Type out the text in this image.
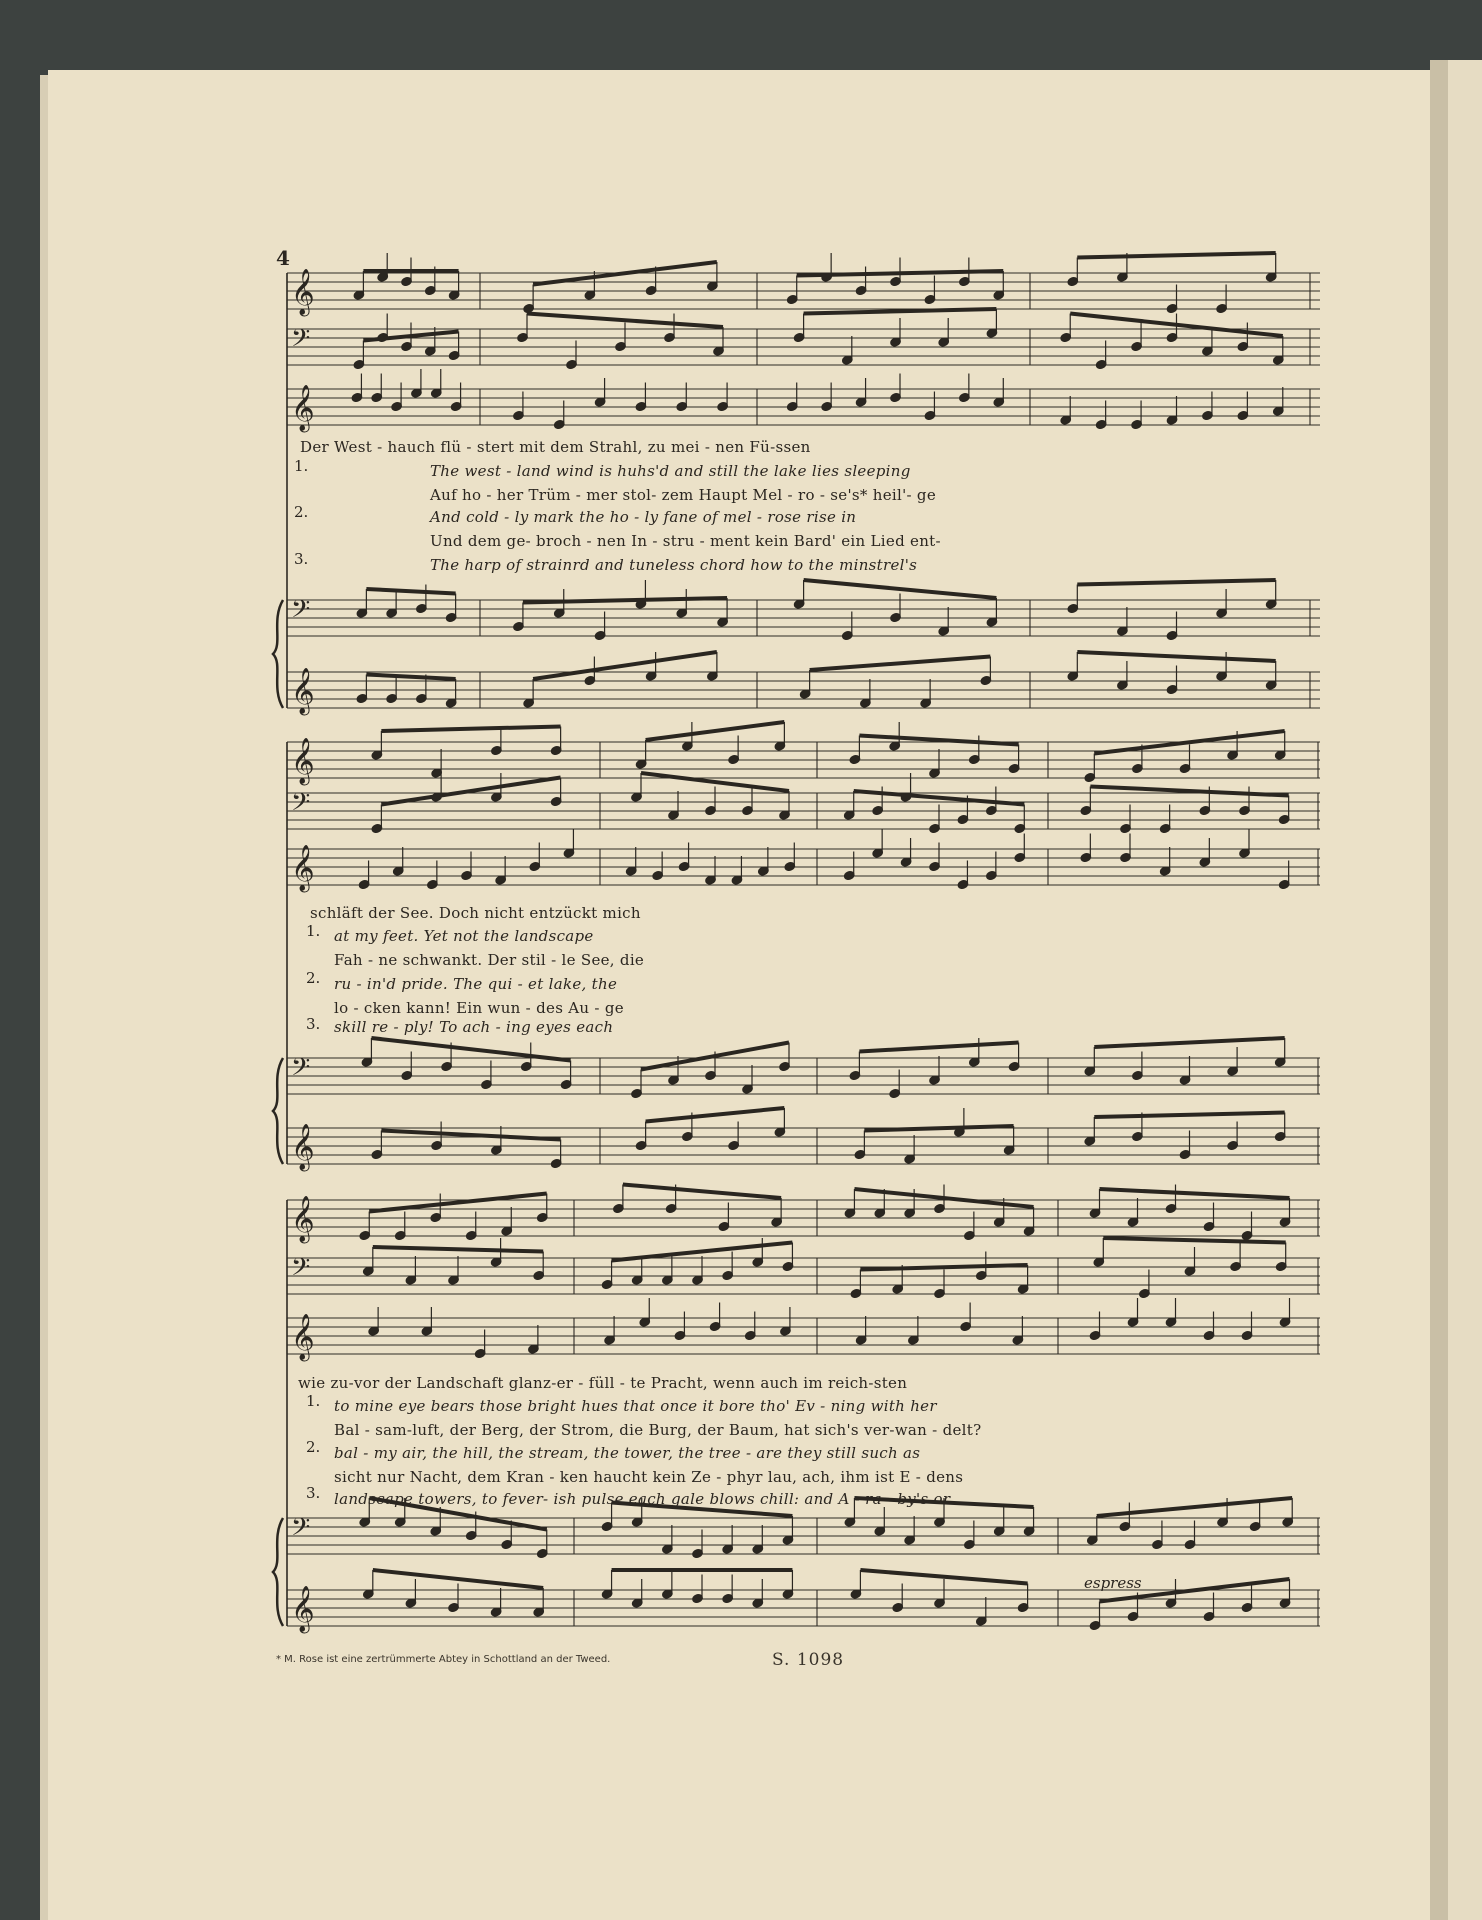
𝄞
𝄢
𝄞
𝄢
𝄞
𝄞
𝄢
𝄞
𝄢
𝄞
𝄞
𝄢
𝄞
𝄢
𝄞
4
Der West - hauch flü - stert mit dem Strahl, zu mei - nen Fü-ssen
1.	The west - land wind is huhs'd and still the lake lies sleeping
Auf ho - her Trüm - mer stol- zem Haupt Mel - ro - se's* heil'- ge
2.	And cold - ly mark the ho - ly fane of mel - rose rise in
Und dem ge- broch - nen In - stru - ment kein Bard' ein Lied ent-
3.	The harp of strainrd and tuneless chord how to the minstrel's
schläft der See. Doch nicht entzückt mich
1. at my feet. Yet not the landscape
Fah - ne schwankt. Der stil - le See, die
2. ru - in'd pride. The qui - et lake, the
lo - cken kann! Ein wun - des Au - ge
3. skill re - ply! To ach - ing eyes each
wie zu-vor der Landschaft glanz-er - füll - te Pracht, wenn auch im reich-sten
1. to mine eye bears those bright hues that once it bore tho' Ev - ning with her
Bal - sam-luft, der Berg, der Strom, die Burg, der Baum, hat sich's ver-wan - delt?
2. bal - my air, the hill, the stream, the tower, the tree - are they still such as
sicht nur Nacht, dem Kran - ken haucht kein Ze - phyr lau, ach, ihm ist E - dens
3. landscape towers, to fever- ish pulse each gale blows chill: and A - ra - by's or
espress
* M. Rose ist eine zertrümmerte Abtey in Schottland an der Tweed.	S. 1098
